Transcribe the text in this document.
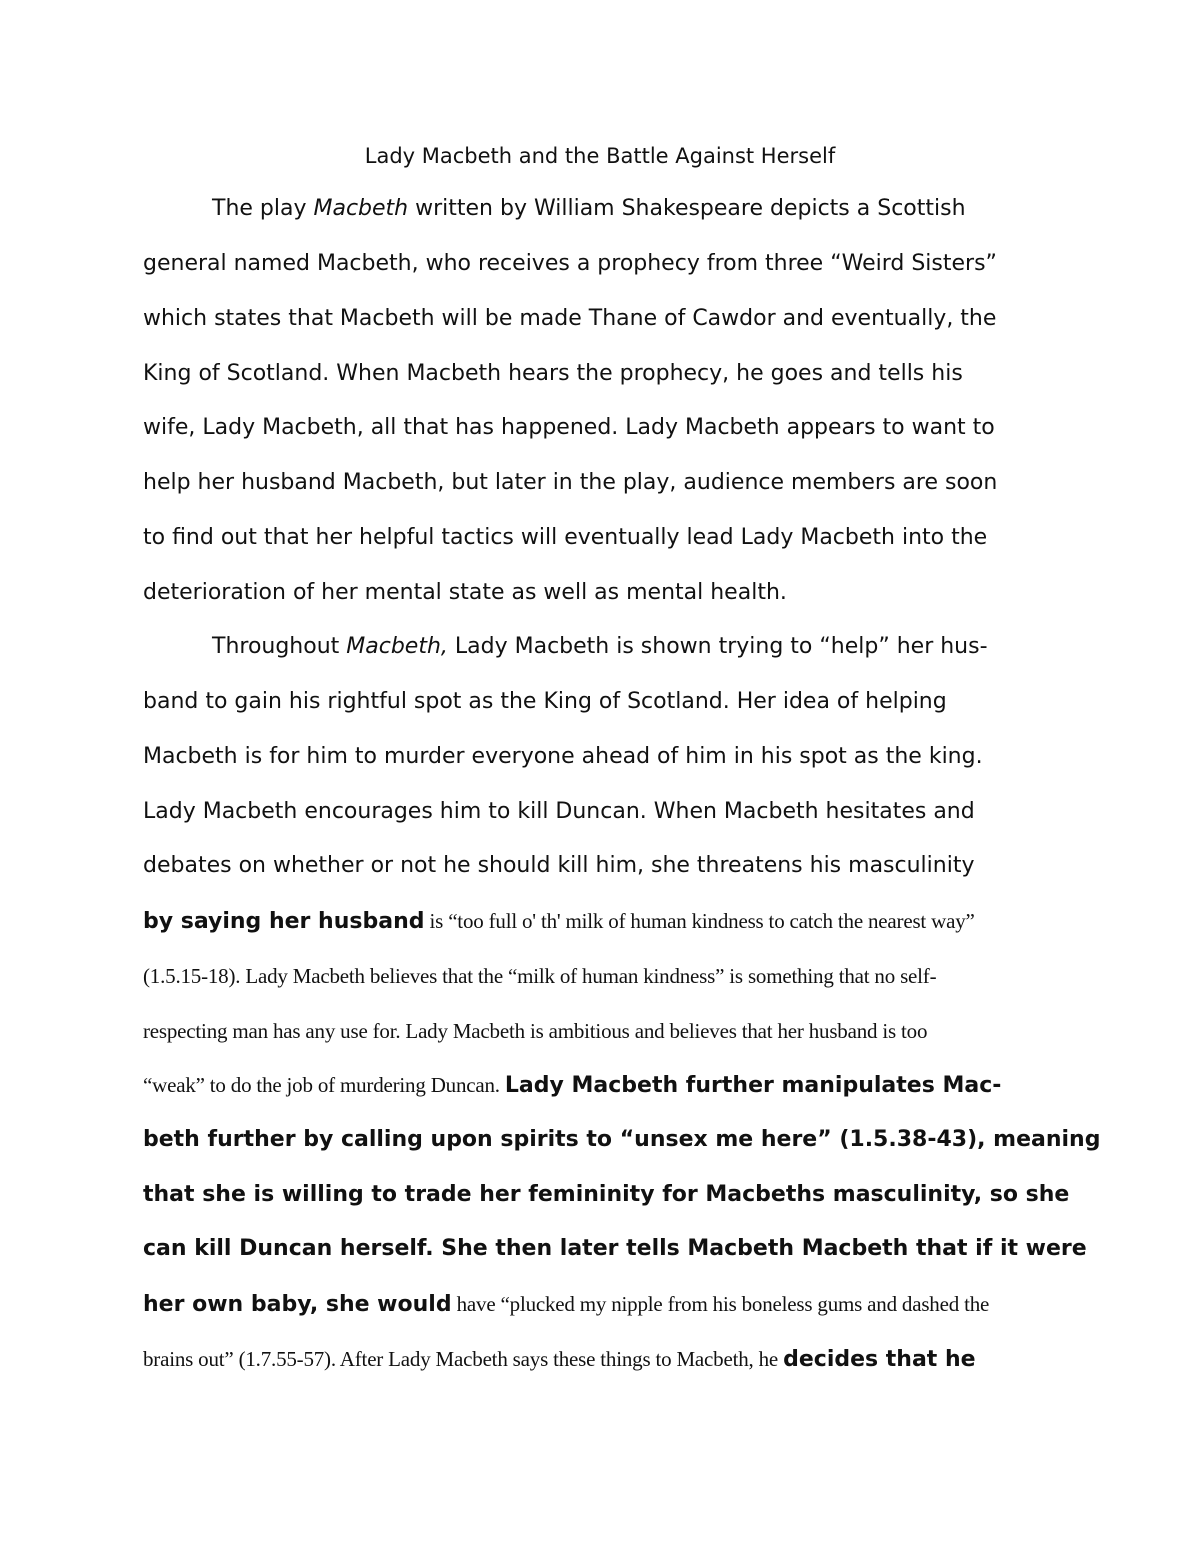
Lady Macbeth and the Battle Against Herself
The play Macbeth written by William Shakespeare depicts a Scottish
general named Macbeth, who receives a prophecy from three “Weird Sisters”
which states that Macbeth will be made Thane of Cawdor and eventually, the
King of Scotland. When Macbeth hears the prophecy, he goes and tells his
wife, Lady Macbeth, all that has happened. Lady Macbeth appears to want to
help her husband Macbeth, but later in the play, audience members are soon
to find out that her helpful tactics will eventually lead Lady Macbeth into the
deterioration of her mental state as well as mental health.
Throughout Macbeth, Lady Macbeth is shown trying to “help” her hus-
band to gain his rightful spot as the King of Scotland. Her idea of helping
Macbeth is for him to murder everyone ahead of him in his spot as the king.
Lady Macbeth encourages him to kill Duncan. When Macbeth hesitates and
debates on whether or not he should kill him, she threatens his masculinity
by saying her husband is “too full o' th' milk of human kindness to catch the nearest way”
(1.5.15-18). Lady Macbeth believes that the “milk of human kindness” is something that no self-
respecting man has any use for. Lady Macbeth is ambitious and believes that her husband is too
“weak” to do the job of murdering Duncan. Lady Macbeth further manipulates Mac-
beth further by calling upon spirits to “unsex me here” (1.5.38-43), meaning
that she is willing to trade her femininity for Macbeths masculinity, so she
can kill Duncan herself. She then later tells Macbeth Macbeth that if it were
her own baby, she would have “plucked my nipple from his boneless gums and dashed the
brains out” (1.7.55-57). After Lady Macbeth says these things to Macbeth, he decides that he
